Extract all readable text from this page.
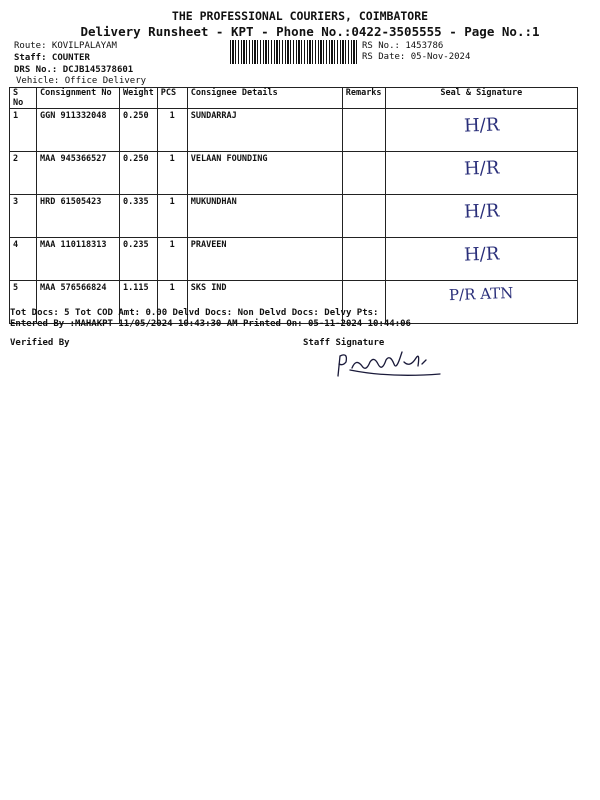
THE PROFESSIONAL COURIERS, COIMBATORE
Delivery Runsheet - KPT - Phone No.:0422-3505555 - Page No.:1
Route: KOVILPALAYAM
Staff: COUNTER
DRS No.: DCJB145378601
Vehicle: Office Delivery
RS No.: 1453786
RS Date: 05-Nov-2024
S No	Consignment No	Weight	PCS	Consignee Details	Remarks	Seal & Signature
1	GGN 911332048	0.250	1	SUNDARRAJ		H/R
2	MAA 945366527	0.250	1	VELAAN FOUNDING		H/R
3	HRD 61505423	0.335	1	MUKUNDHAN		H/R
4	MAA 110118313	0.235	1	PRAVEEN		H/R
5	MAA 576566824	1.115	1	SKS IND		P/R ATN
Tot Docs: 5 Tot COD Amt: 0.00 Delvd Docs: Non Delvd Docs: Delvy Pts:
Entered By :MAHAKPT 11/05/2024 10:43:30 AM Printed On: 05-11-2024 10:44:06
Verified By	Staff Signature
